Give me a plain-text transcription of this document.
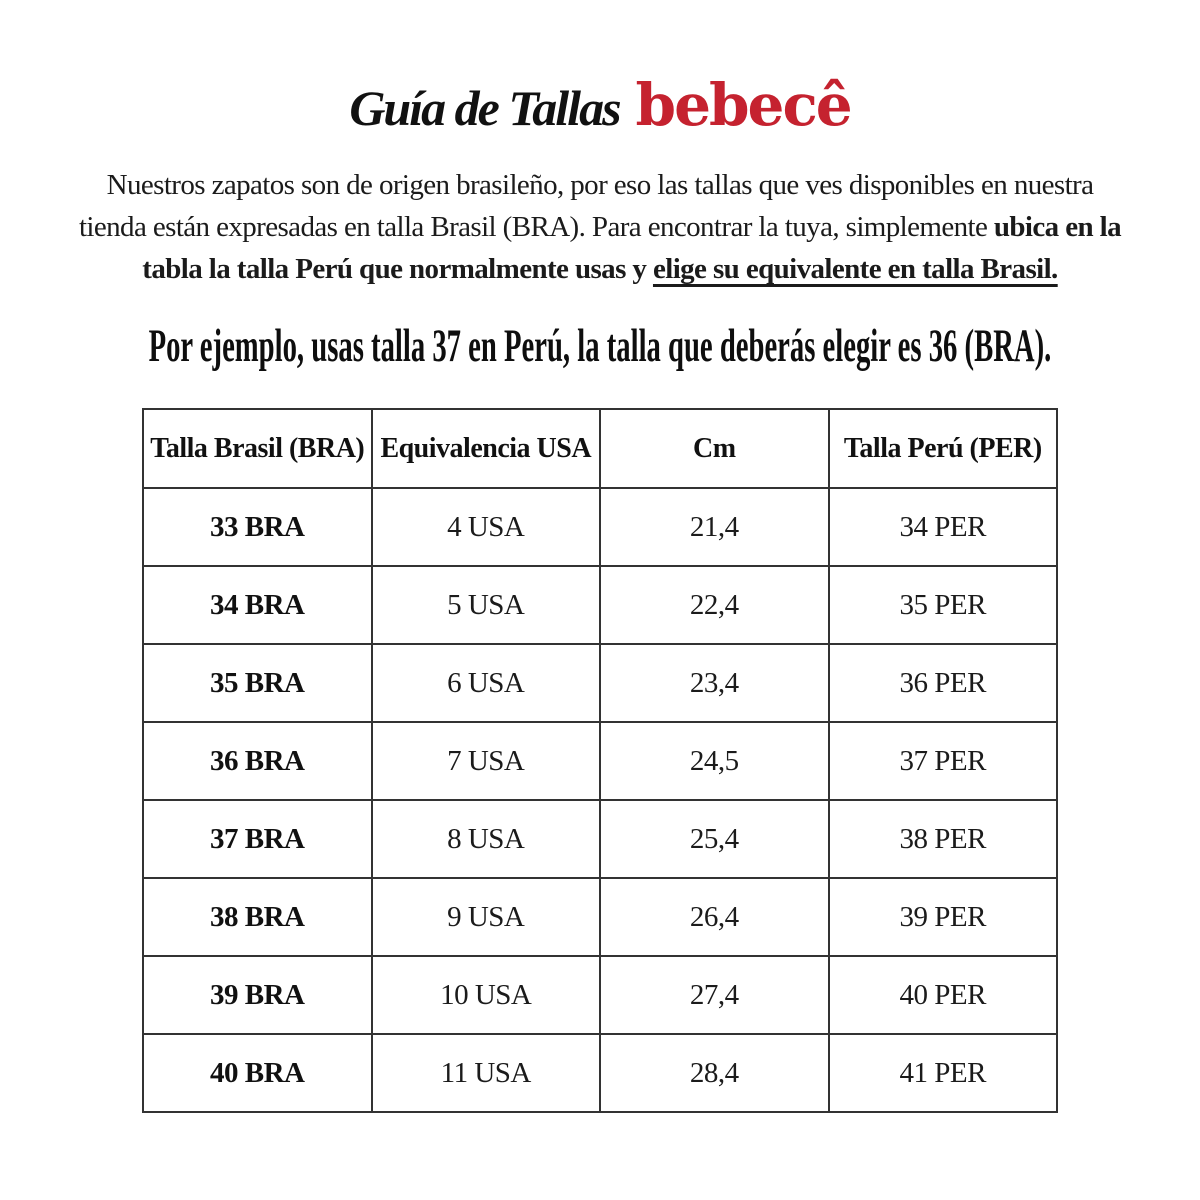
Guía de Tallas bebecê

Nuestros zapatos son de origen brasileño, por eso las tallas que ves disponibles en nuestra tienda están expresadas en talla Brasil (BRA). Para encontrar la tuya, simplemente ubica en la tabla la talla Perú que normalmente usas y elige su equivalente en talla Brasil.

Por ejemplo, usas talla 37 en Perú, la talla que deberás elegir es 36 (BRA).

Talla Brasil (BRA)	Equivalencia USA	Cm	Talla Perú (PER)
33 BRA	4 USA	21,4	34 PER
34 BRA	5 USA	22,4	35 PER
35 BRA	6 USA	23,4	36 PER
36 BRA	7 USA	24,5	37 PER
37 BRA	8 USA	25,4	38 PER
38 BRA	9 USA	26,4	39 PER
39 BRA	10 USA	27,4	40 PER
40 BRA	11 USA	28,4	41 PER
